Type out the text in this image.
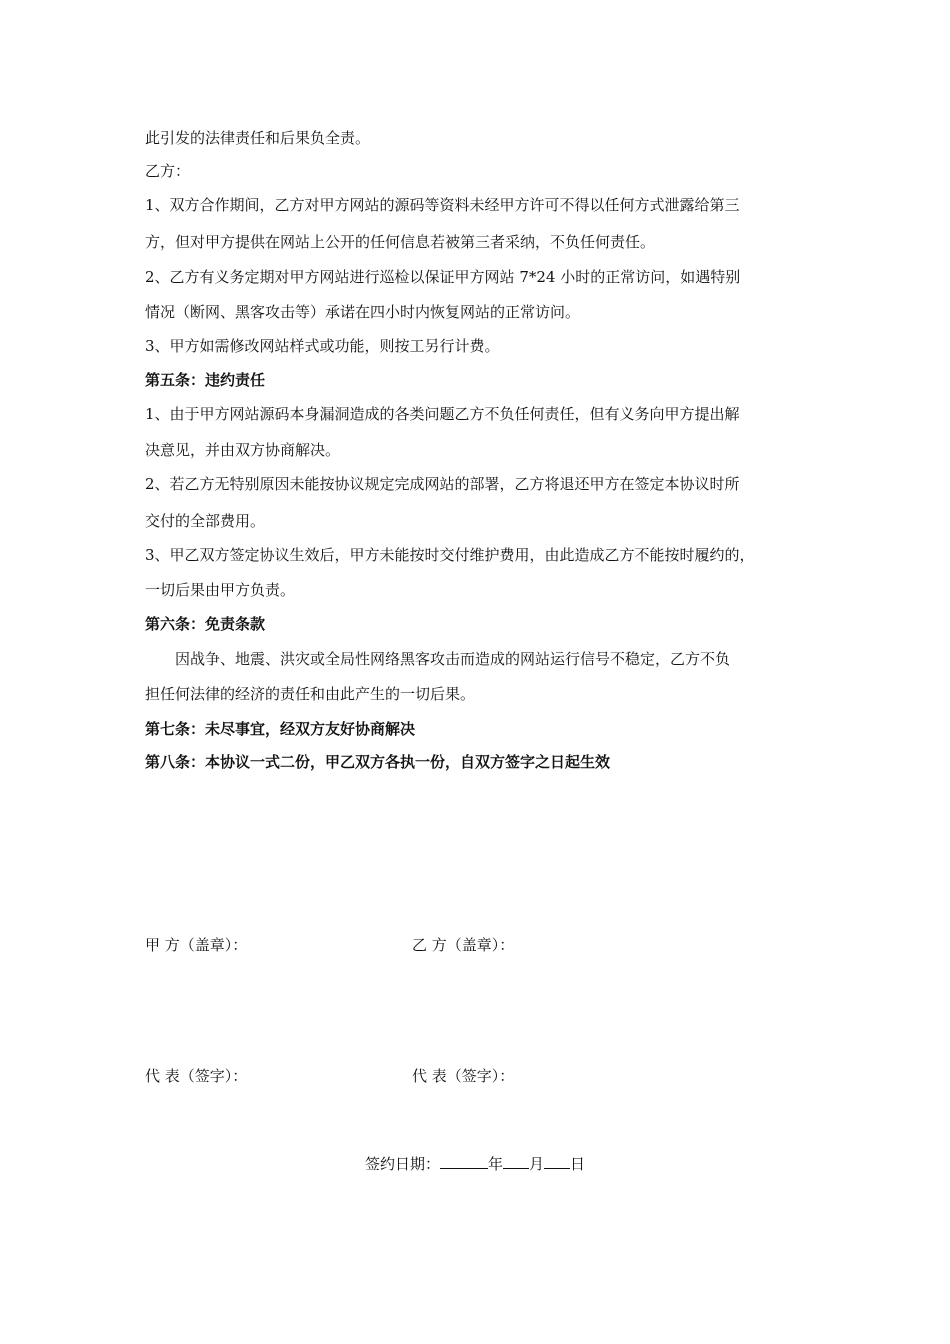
此引发的法律责任和后果负全责。
乙方：
1、双方合作期间，乙方对甲方网站的源码等资料未经甲方许可不得以任何方式泄露给第三
方，但对甲方提供在网站上公开的任何信息若被第三者采纳，不负任何责任。
2、乙方有义务定期对甲方网站进行巡检以保证甲方网站 7*24 小时的正常访问，如遇特别
情况（断网、黑客攻击等）承诺在四小时内恢复网站的正常访问。
3、甲方如需修改网站样式或功能，则按工另行计费。
第五条：违约责任
1、由于甲方网站源码本身漏洞造成的各类问题乙方不负任何责任，但有义务向甲方提出解
决意见，并由双方协商解决。
2、若乙方无特别原因未能按协议规定完成网站的部署，乙方将退还甲方在签定本协议时所
交付的全部费用。
3、甲乙双方签定协议生效后，甲方未能按时交付维护费用，由此造成乙方不能按时履约的，
一切后果由甲方负责。
第六条：免责条款
　　因战争、地震、洪灾或全局性网络黑客攻击而造成的网站运行信号不稳定，乙方不负
担任何法律的经济的责任和由此产生的一切后果。
第七条：未尽事宜，经双方友好协商解决
第八条：本协议一式二份，甲乙双方各执一份，自双方签字之日起生效
甲 方（盖章）：	乙 方（盖章）：
代 表（签字）：	代 表（签字）：
签约日期：	年 月 日
